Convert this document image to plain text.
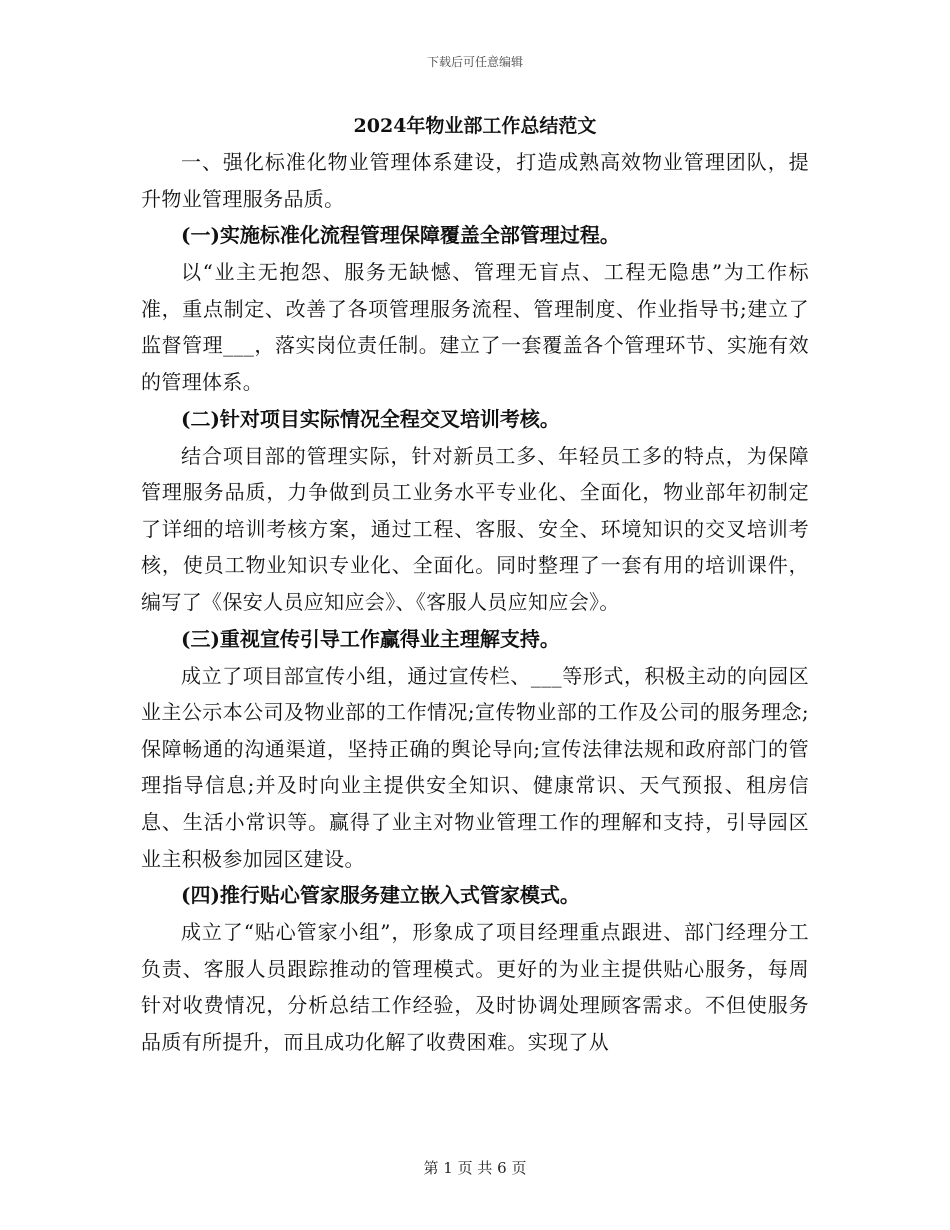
下载后可任意编辑
2024年物业部工作总结范文

一、强化标准化物业管理体系建设，打造成熟高效物业管理团队，提升物业管理服务品质。

(一)实施标准化流程管理保障覆盖全部管理过程。

以“业主无抱怨、服务无缺憾、管理无盲点、工程无隐患”为工作标准，重点制定、改善了各项管理服务流程、管理制度、作业指导书;建立了监督管理___，落实岗位责任制。建立了一套覆盖各个管理环节、实施有效的管理体系。

(二)针对项目实际情况全程交叉培训考核。

结合项目部的管理实际，针对新员工多、年轻员工多的特点，为保障管理服务品质，力争做到员工业务水平专业化、全面化，物业部年初制定了详细的培训考核方案，通过工程、客服、安全、环境知识的交叉培训考核，使员工物业知识专业化、全面化。同时整理了一套有用的培训课件，编写了《保安人员应知应会》、《客服人员应知应会》。

(三)重视宣传引导工作赢得业主理解支持。

成立了项目部宣传小组，通过宣传栏、___等形式，积极主动的向园区业主公示本公司及物业部的工作情况;宣传物业部的工作及公司的服务理念;保障畅通的沟通渠道，坚持正确的舆论导向;宣传法律法规和政府部门的管理指导信息;并及时向业主提供安全知识、健康常识、天气预报、租房信息、生活小常识等。赢得了业主对物业管理工作的理解和支持，引导园区业主积极参加园区建设。

(四)推行贴心管家服务建立嵌入式管家模式。

成立了“贴心管家小组”，形象成了项目经理重点跟进、部门经理分工负责、客服人员跟踪推动的管理模式。更好的为业主提供贴心服务，每周针对收费情况，分析总结工作经验，及时协调处理顾客需求。不但使服务品质有所提升，而且成功化解了收费困难。实现了从

第 1 页 共 6 页
